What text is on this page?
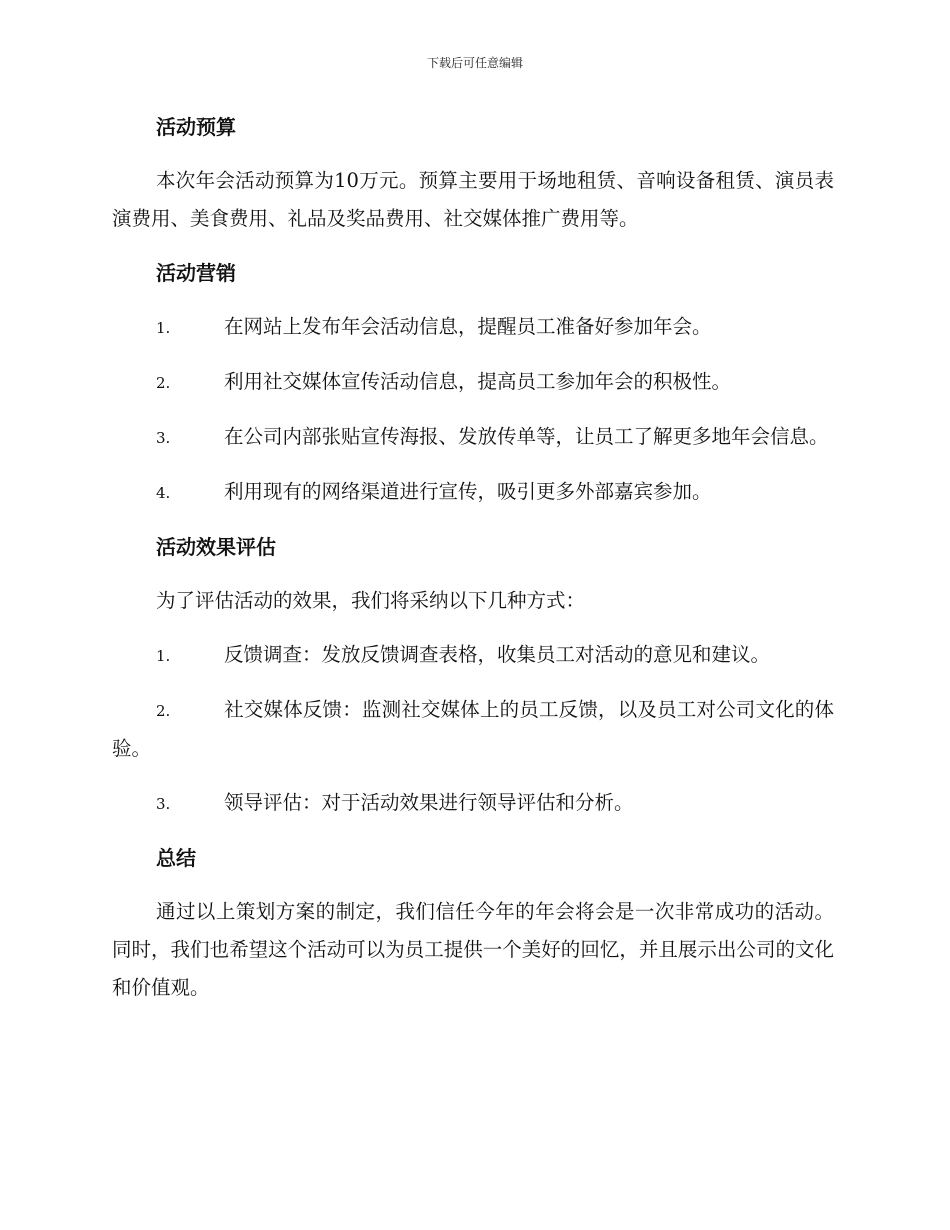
下载后可任意编辑
活动预算

本次年会活动预算为10万元。预算主要用于场地租赁、音响设备租赁、演员表演费用、美食费用、礼品及奖品费用、社交媒体推广费用等。

活动营销

1.	在网站上发布年会活动信息，提醒员工准备好参加年会。

2.	利用社交媒体宣传活动信息，提高员工参加年会的积极性。

3.	在公司内部张贴宣传海报、发放传单等，让员工了解更多地年会信息。

4.	利用现有的网络渠道进行宣传，吸引更多外部嘉宾参加。

活动效果评估

为了评估活动的效果，我们将采纳以下几种方式：

1.	反馈调查：发放反馈调查表格，收集员工对活动的意见和建议。

2.	社交媒体反馈：监测社交媒体上的员工反馈，以及员工对公司文化的体验。

3.	领导评估：对于活动效果进行领导评估和分析。

总结

通过以上策划方案的制定，我们信任今年的年会将会是一次非常成功的活动。同时，我们也希望这个活动可以为员工提供一个美好的回忆，并且展示出公司的文化和价值观。
